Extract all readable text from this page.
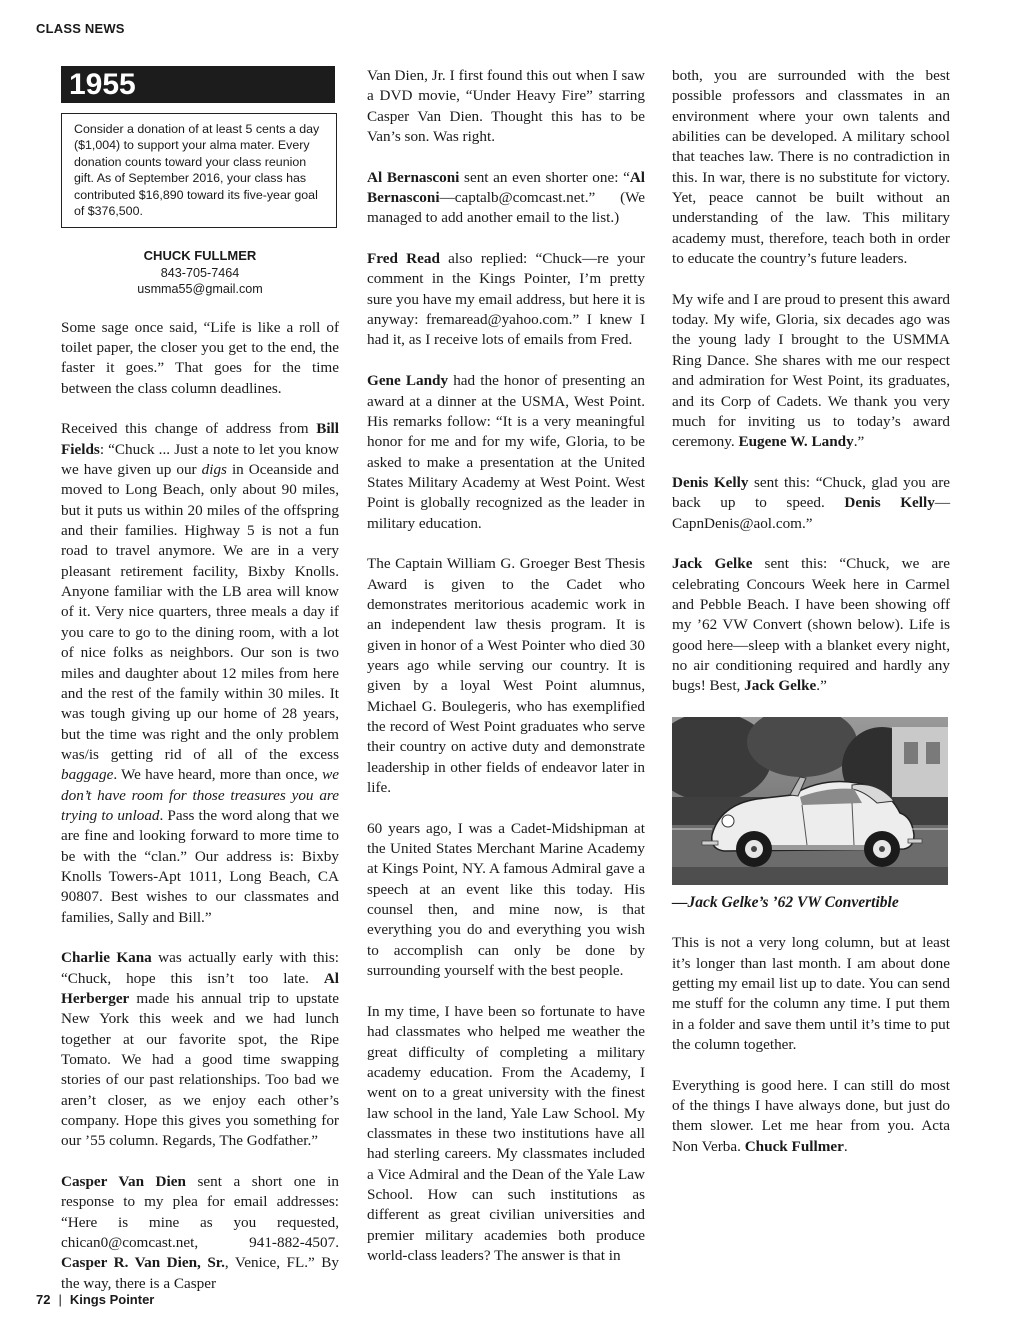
CLASS NEWS
1955
Consider a donation of at least 5 cents a day ($1,004) to support your alma mater. Every donation counts toward your class reunion gift. As of September 2016, your class has contributed $16,890 toward its five-year goal of $376,500.
CHUCK FULLMER
843-705-7464
usmma55@gmail.com

Some sage once said, “Life is like a roll of toilet paper, the closer you get to the end, the faster it goes.” That goes for the time between the class column deadlines.

Received this change of address from Bill Fields: “Chuck ... Just a note to let you know we have given up our digs in Oceanside and moved to Long Beach, only about 90 miles, but it puts us within 20 miles of the offspring and their families. Highway 5 is not a fun road to travel anymore. We are in a very pleasant retirement facility, Bixby Knolls. Anyone familiar with the LB area will know of it. Very nice quarters, three meals a day if you care to go to the dining room, with a lot of nice folks as neighbors. Our son is two miles and daughter about 12 miles from here and the rest of the family within 30 miles. It was tough giving up our home of 28 years, but the time was right and the only problem was/is getting rid of all of the excess baggage. We have heard, more than once, we don’t have room for those treasures you are trying to unload. Pass the word along that we are fine and looking forward to more time to be with the “clan.” Our address is: Bixby Knolls Towers-Apt 1011, Long Beach, CA 90807. Best wishes to our classmates and families, Sally and Bill.”

Charlie Kana was actually early with this: “Chuck, hope this isn’t too late. Al Herberger made his annual trip to upstate New York this week and we had lunch together at our favorite spot, the Ripe Tomato. We had a good time swapping stories of our past relationships. Too bad we aren’t closer, as we enjoy each other’s company. Hope this gives you something for our ’55 column. Regards, The Godfather.”

Casper Van Dien sent a short one in response to my plea for email addresses: “Here is mine as you requested, chican0@comcast.net, 941-882-4507. Casper R. Van Dien, Sr., Venice, FL.” By the way, there is a Casper

Van Dien, Jr. I first found this out when I saw a DVD movie, “Under Heavy Fire” starring Casper Van Dien. Thought this has to be Van’s son. Was right.

Al Bernasconi sent an even shorter one: “Al Bernasconi—captalb@comcast.net.” (We managed to add another email to the list.)

Fred Read also replied: “Chuck—re your comment in the Kings Pointer, I’m pretty sure you have my email address, but here it is anyway: fremaread@yahoo.com.” I knew I had it, as I receive lots of emails from Fred.

Gene Landy had the honor of presenting an award at a dinner at the USMA, West Point. His remarks follow: “It is a very meaningful honor for me and for my wife, Gloria, to be asked to make a presentation at the United States Military Academy at West Point. West Point is globally recognized as the leader in military education.

The Captain William G. Groeger Best Thesis Award is given to the Cadet who demonstrates meritorious academic work in an independent law thesis program. It is given in honor of a West Pointer who died 30 years ago while serving our country. It is given by a loyal West Point alumnus, Michael G. Boulegeris, who has exemplified the record of West Point graduates who serve their country on active duty and demonstrate leadership in other fields of endeavor later in life.

60 years ago, I was a Cadet-Midshipman at the United States Merchant Marine Academy at Kings Point, NY. A famous Admiral gave a speech at an event like this today. His counsel then, and mine now, is that everything you do and everything you wish to accomplish can only be done by surrounding yourself with the best people.

In my time, I have been so fortunate to have had classmates who helped me weather the great difficulty of completing a military academy education. From the Academy, I went on to a great university with the finest law school in the land, Yale Law School. My classmates in these two institutions have all had sterling careers. My classmates included a Vice Admiral and the Dean of the Yale Law School. How can such institutions as different as great civilian universities and premier military academies both produce world-class leaders? The answer is that in

both, you are surrounded with the best possible professors and classmates in an environment where your own talents and abilities can be developed. A military school that teaches law. There is no contradiction in this. In war, there is no substitute for victory. Yet, peace cannot be built without an understanding of the law. This military academy must, therefore, teach both in order to educate the country’s future leaders.

My wife and I are proud to present this award today. My wife, Gloria, six decades ago was the young lady I brought to the USMMA Ring Dance. She shares with me our respect and admiration for West Point, its graduates, and its Corp of Cadets. We thank you very much for inviting us to today’s award ceremony. Eugene W. Landy.”

Denis Kelly sent this: “Chuck, glad you are back up to speed. Denis Kelly—CapnDenis@aol.com.”

Jack Gelke sent this: “Chuck, we are celebrating Concours Week here in Carmel and Pebble Beach. I have been showing off my ’62 VW Convert (shown below). Life is good here—sleep with a blanket every night, no air conditioning required and hardly any bugs! Best, Jack Gelke.”

—Jack Gelke’s ’62 VW Convertible

This is not a very long column, but at least it’s longer than last month. I am about done getting my email list up to date. You can send me stuff for the column any time. I put them in a folder and save them until it’s time to put the column together.

Everything is good here. I can still do most of the things I have always done, but just do them slower. Let me hear from you. Acta Non Verba. Chuck Fullmer.

72 | Kings Pointer
